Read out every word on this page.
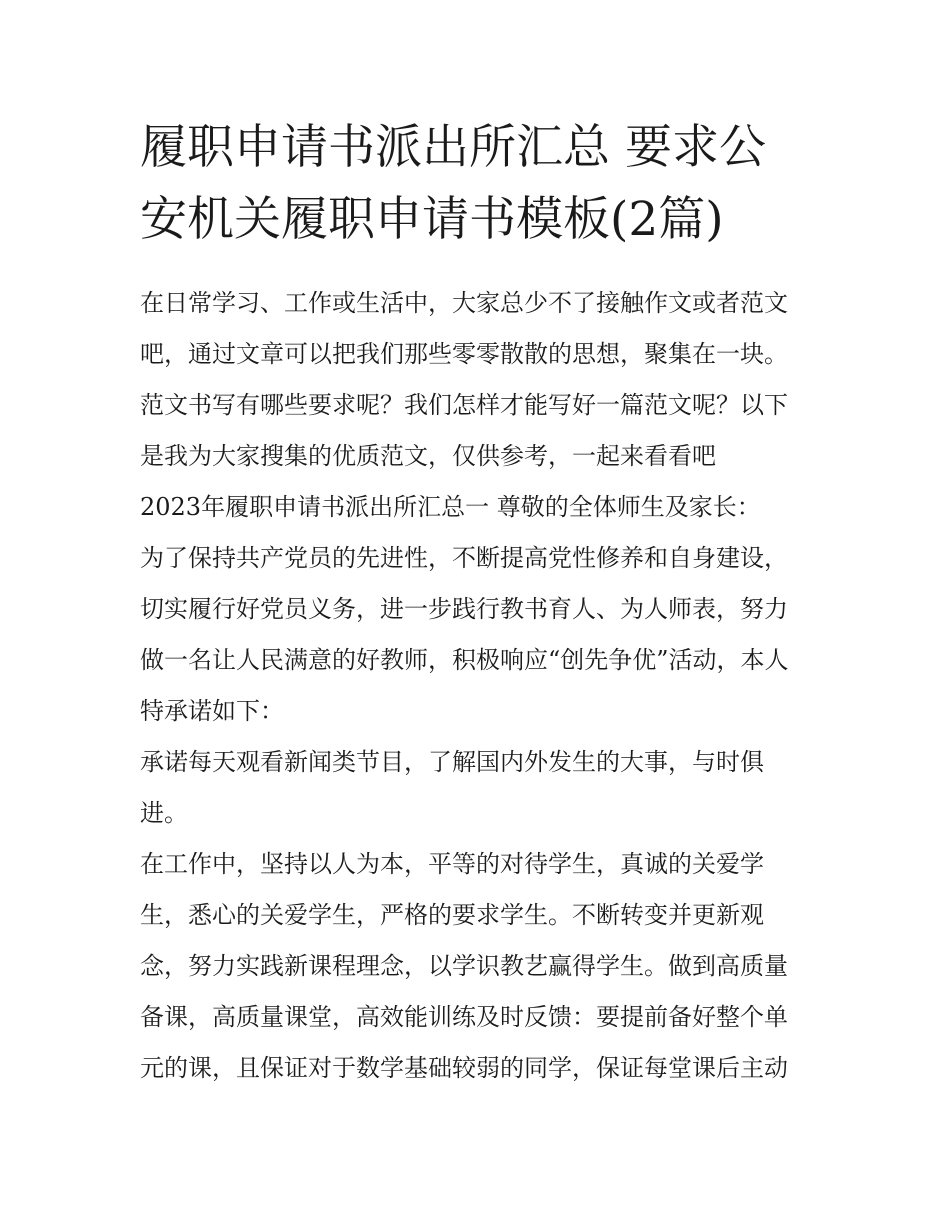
履职申请书派出所汇总 要求公
安机关履职申请书模板(2篇)
在日常学习、工作或生活中，大家总少不了接触作文或者范文
吧，通过文章可以把我们那些零零散散的思想，聚集在一块。
范文书写有哪些要求呢？我们怎样才能写好一篇范文呢？以下
是我为大家搜集的优质范文，仅供参考，一起来看看吧
2023年履职申请书派出所汇总一 尊敬的全体师生及家长：
为了保持共产党员的先进性，不断提高党性修养和自身建设，
切实履行好党员义务，进一步践行教书育人、为人师表，努力
做一名让人民满意的好教师，积极响应“创先争优”活动，本人
特承诺如下：
承诺每天观看新闻类节目，了解国内外发生的大事，与时俱
进。
在工作中，坚持以人为本，平等的对待学生，真诚的关爱学
生，悉心的关爱学生，严格的要求学生。不断转变并更新观
念，努力实践新课程理念，以学识教艺赢得学生。做到高质量
备课，高质量课堂，高效能训练及时反馈：要提前备好整个单
元的课，且保证对于数学基础较弱的同学，保证每堂课后主动
